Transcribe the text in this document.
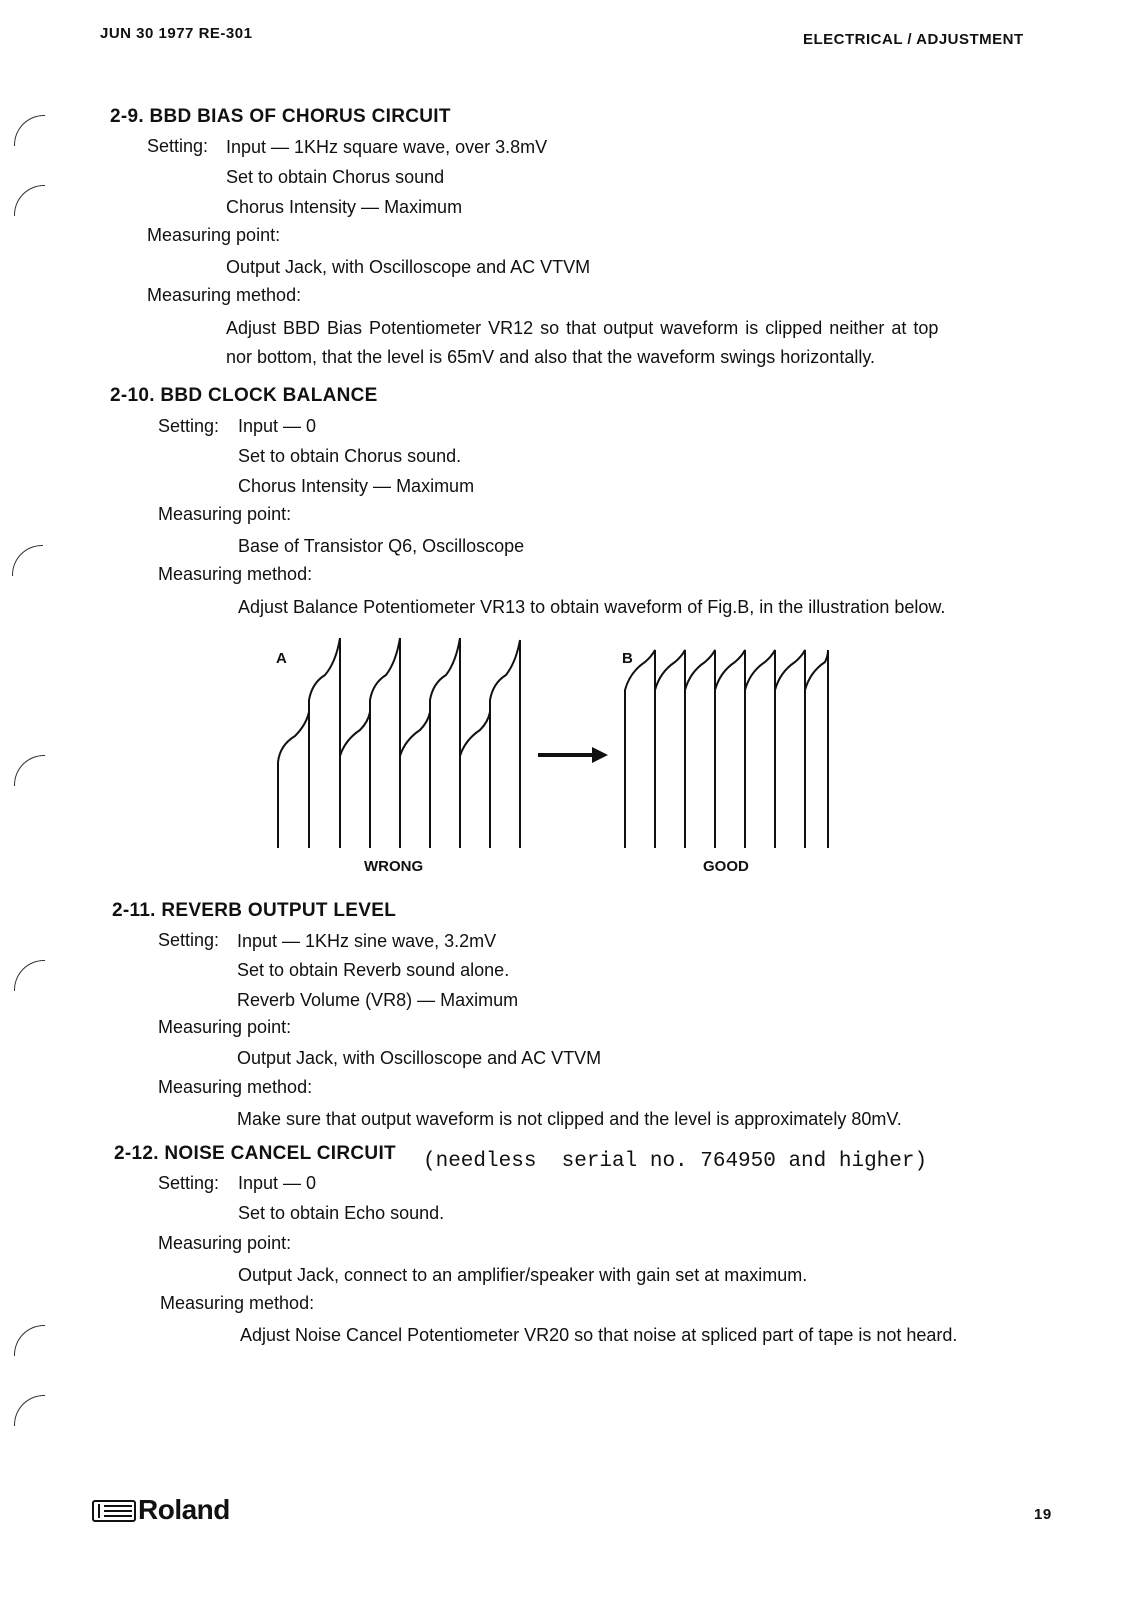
JUN 30 1977 RE-301	ELECTRICAL / ADJUSTMENT
2-9. BBD BIAS OF CHORUS CIRCUIT
Setting: Input — 1KHz square wave, over 3.8mV
Set to obtain Chorus sound
Chorus Intensity — Maximum
Measuring point:
Output Jack, with Oscilloscope and AC VTVM
Measuring method:
Adjust BBD Bias Potentiometer VR12 so that output waveform is clipped neither at top
nor bottom, that the level is 65mV and also that the waveform swings horizontally.
2-10. BBD CLOCK BALANCE
Setting: Input — 0
Set to obtain Chorus sound.
Chorus Intensity — Maximum
Measuring point:
Base of Transistor Q6, Oscilloscope
Measuring method:
Adjust Balance Potentiometer VR13 to obtain waveform of Fig.B, in the illustration below.
A	B
WRONG	GOOD
2-11. REVERB OUTPUT LEVEL
Setting: Input — 1KHz sine wave, 3.2mV
Set to obtain Reverb sound alone.
Reverb Volume (VR8) — Maximum
Measuring point:
Output Jack, with Oscilloscope and AC VTVM
Measuring method:
Make sure that output waveform is not clipped and the level is approximately 80mV.
2-12. NOISE CANCEL CIRCUIT (needless  serial no. 764950 and higher)
Setting: Input — 0
Set to obtain Echo sound.
Measuring point:
Output Jack, connect to an amplifier/speaker with gain set at maximum.
Measuring method:
Adjust Noise Cancel Potentiometer VR20 so that noise at spliced part of tape is not heard.
Roland	19
